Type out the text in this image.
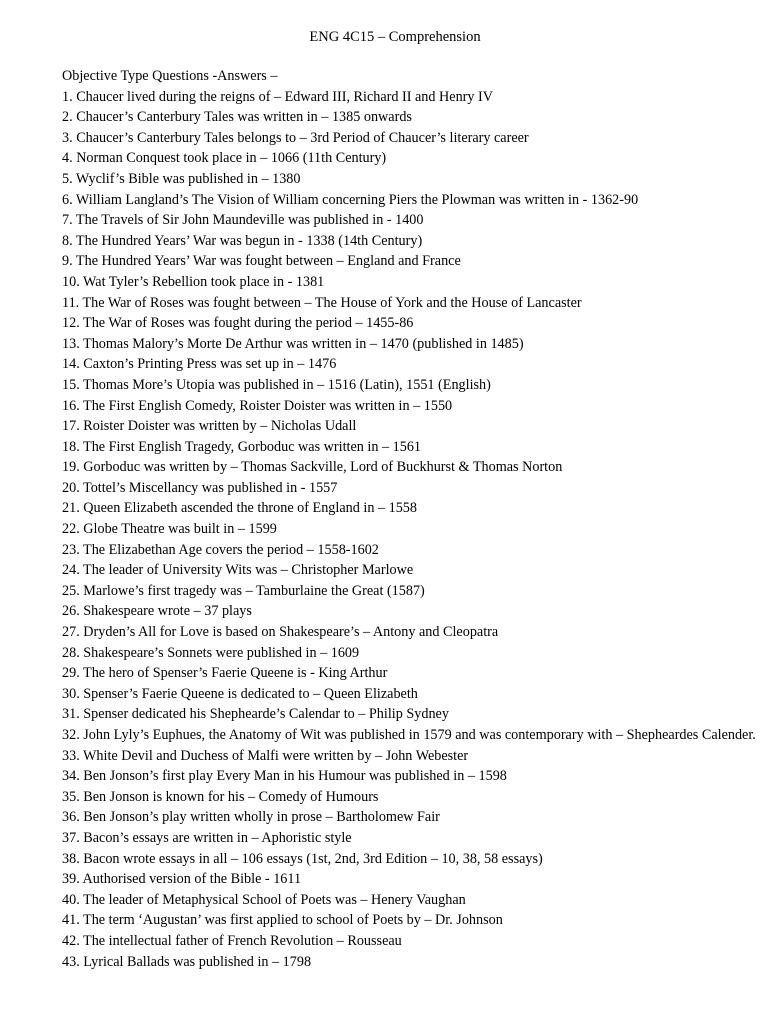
ENG 4C15 – Comprehension

Objective Type Questions -Answers –

1. Chaucer lived during the reigns of – Edward III, Richard II and Henry IV

2. Chaucer’s Canterbury Tales was written in – 1385 onwards

3. Chaucer’s Canterbury Tales belongs to – 3rd Period of Chaucer’s literary career

4. Norman Conquest took place in – 1066 (11th Century)

5. Wyclif’s Bible was published in – 1380

6. William Langland’s The Vision of William concerning Piers the Plowman was written in - 1362-90

7. The Travels of Sir John Maundeville was published in - 1400

8. The Hundred Years’ War was begun in - 1338 (14th Century)

9. The Hundred Years’ War was fought between – England and France

10. Wat Tyler’s Rebellion took place in - 1381

11. The War of Roses was fought between – The House of York and the House of Lancaster

12. The War of Roses was fought during the period – 1455-86

13. Thomas Malory’s Morte De Arthur was written in – 1470 (published in 1485)

14. Caxton’s Printing Press was set up in – 1476

15. Thomas More’s Utopia was published in – 1516 (Latin), 1551 (English)

16. The First English Comedy, Roister Doister was written in – 1550

17. Roister Doister was written by – Nicholas Udall

18. The First English Tragedy, Gorboduc was written in – 1561

19. Gorboduc was written by – Thomas Sackville, Lord of Buckhurst & Thomas Norton

20. Tottel’s Miscellancy was published in - 1557

21. Queen Elizabeth ascended the throne of England in – 1558

22. Globe Theatre was built in – 1599

23. The Elizabethan Age covers the period – 1558-1602

24. The leader of University Wits was – Christopher Marlowe

25. Marlowe’s first tragedy was – Tamburlaine the Great (1587)

26. Shakespeare wrote – 37 plays

27. Dryden’s All for Love is based on Shakespeare’s – Antony and Cleopatra

28. Shakespeare’s Sonnets were published in – 1609

29. The hero of Spenser’s Faerie Queene is - King Arthur

30. Spenser’s Faerie Queene is dedicated to – Queen Elizabeth

31. Spenser dedicated his Shephearde’s Calendar to – Philip Sydney

32. John Lyly’s Euphues, the Anatomy of Wit was published in 1579 and was contemporary with – Shepheardes Calender.

33. White Devil and Duchess of Malfi were written by – John Webester

34. Ben Jonson’s first play Every Man in his Humour was published in – 1598

35. Ben Jonson is known for his – Comedy of Humours

36. Ben Jonson’s play written wholly in prose – Bartholomew Fair

37. Bacon’s essays are written in – Aphoristic style

38. Bacon wrote essays in all – 106 essays (1st, 2nd, 3rd Edition – 10, 38, 58 essays)

39. Authorised version of the Bible - 1611

40. The leader of Metaphysical School of Poets was – Henery Vaughan

41. The term ‘Augustan’ was first applied to school of Poets by – Dr. Johnson

42. The intellectual father of French Revolution – Rousseau

43. Lyrical Ballads was published in – 1798
